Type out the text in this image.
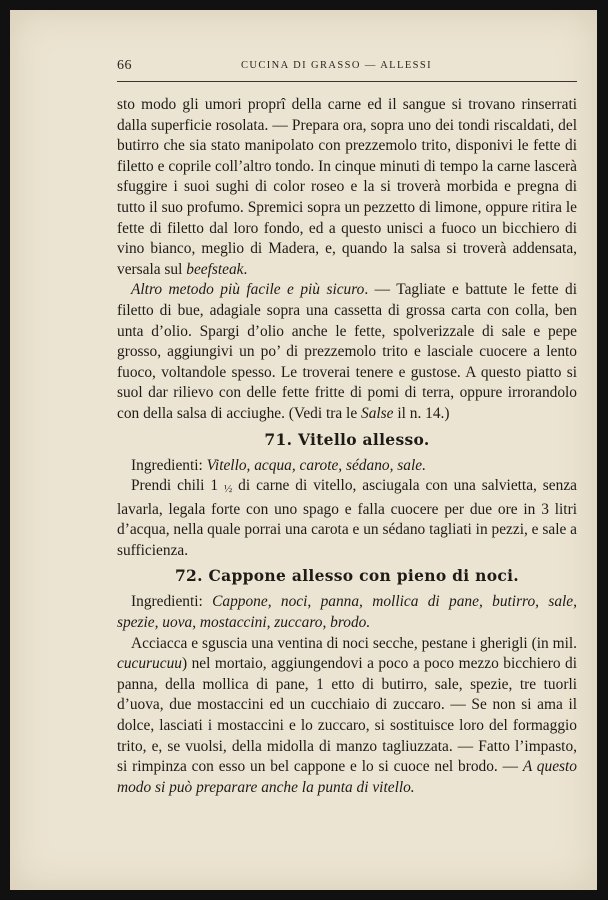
66	CUCINA DI GRASSO — ALLESSI

sto modo gli umori proprî della carne ed il sangue si trovano rinserrati dalla superficie rosolata. — Prepara ora, sopra uno dei tondi riscaldati, del butirro che sia stato manipolato con prezzemolo trito, disponivi le fette di filetto e coprile coll’altro tondo. In cinque minuti di tempo la carne lascerà sfuggire i suoi sughi di color roseo e la si troverà morbida e pregna di tutto il suo profumo. Spremici sopra un pezzetto di limone, oppure ritira le fette di filetto dal loro fondo, ed a questo unisci a fuoco un bicchiero di vino bianco, meglio di Madera, e, quando la salsa si troverà addensata, versala sul beefsteak.

Altro metodo più facile e più sicuro. — Tagliate e battute le fette di filetto di bue, adagiale sopra una cassetta di grossa carta con colla, ben unta d’olio. Spargi d’olio anche le fette, spolverizzale di sale e pepe grosso, aggiungivi un po’ di prezzemolo trito e lasciale cuocere a lento fuoco, voltandole spesso. Le troverai tenere e gustose. A questo piatto si suol dar rilievo con delle fette fritte di pomi di terra, oppure irrorandolo con della salsa di acciughe. (Vedi tra le Salse il n. 14.)

71. Vitello allesso.

Ingredienti: Vitello, acqua, carote, sédano, sale.

Prendi chili 1 ½ di carne di vitello, asciugala con una salvietta, senza lavarla, legala forte con uno spago e falla cuocere per due ore in 3 litri d’acqua, nella quale porrai una carota e un sédano tagliati in pezzi, e sale a sufficienza.

72. Cappone allesso con pieno di noci.

Ingredienti: Cappone, noci, panna, mollica di pane, butirro, sale, spezie, uova, mostaccini, zuccaro, brodo.

Acciacca e sguscia una ventina di noci secche, pestane i gherigli (in mil. cucurucuu) nel mortaio, aggiungendovi a poco a poco mezzo bicchiero di panna, della mollica di pane, 1 etto di butirro, sale, spezie, tre tuorli d’uova, due mostaccini ed un cucchiaio di zuccaro. — Se non si ama il dolce, lasciati i mostaccini e lo zuccaro, si sostituisce loro del formaggio trito, e, se vuolsi, della midolla di manzo tagliuzzata. — Fatto l’impasto, si rimpinza con esso un bel cappone e lo si cuoce nel brodo. — A questo modo si può preparare anche la punta di vitello.
